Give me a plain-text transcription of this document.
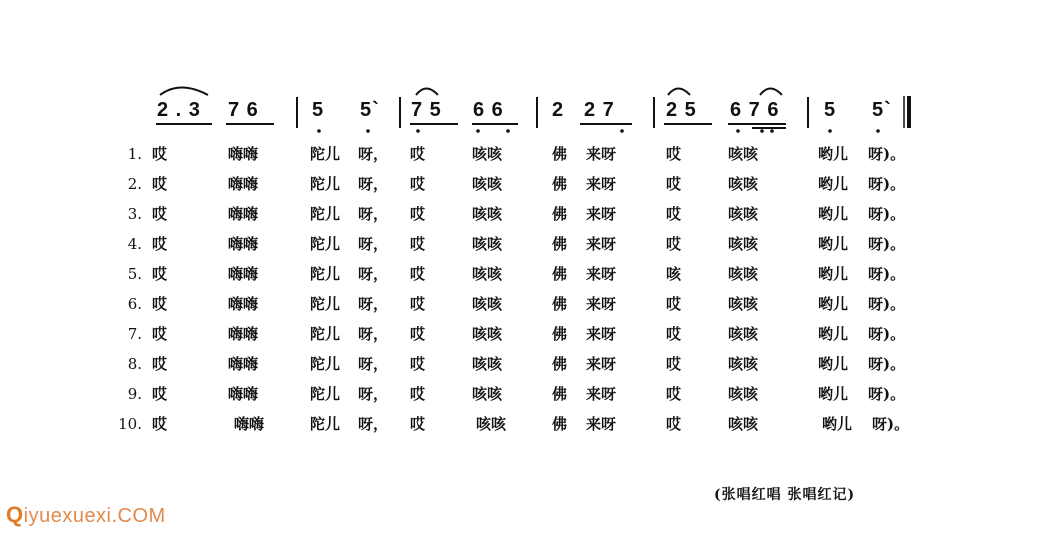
2 . 3 7 6	5 5` 7 5 6 6 2 2 7	2 5 6 7 6 5 5`
1. 哎	嗨嗨	陀儿 呀， 哎	咳咳	佛 来呀	哎	咳咳	哟儿 呀)。
2. 哎	嗨嗨	陀儿 呀， 哎	咳咳	佛 来呀	哎	咳咳	哟儿 呀)。
3. 哎	嗨嗨	陀儿 呀， 哎	咳咳	佛 来呀	哎	咳咳	哟儿 呀)。
4. 哎	嗨嗨	陀儿 呀， 哎	咳咳	佛 来呀	哎	咳咳	哟儿 呀)。
5. 哎	嗨嗨	陀儿 呀， 哎	咳咳	佛 来呀	咳	咳咳	哟儿 呀)。
6. 哎	嗨嗨	陀儿 呀， 哎	咳咳	佛 来呀	哎	咳咳	哟儿 呀)。
7. 哎	嗨嗨	陀儿 呀， 哎	咳咳	佛 来呀	哎	咳咳	哟儿 呀)。
8. 哎	嗨嗨	陀儿 呀， 哎	咳咳	佛 来呀	哎	咳咳	哟儿 呀)。
9. 哎	嗨嗨	陀儿 呀， 哎	咳咳	佛 来呀	哎	咳咳	哟儿 呀)。
10. 哎	嗨嗨	陀儿 呀， 哎	咳咳	佛 来呀	哎	咳咳	哟儿 呀)。
(张唱红唱 张唱红记)
Qiyuexuexi.COM
